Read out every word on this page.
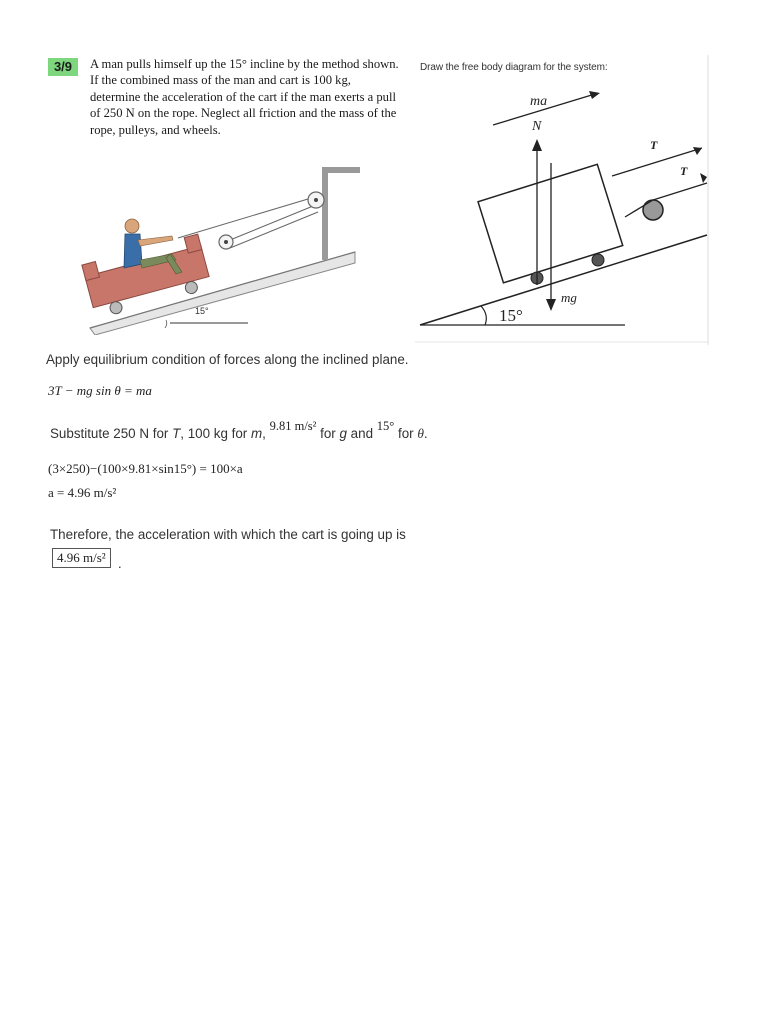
3/9	A man pulls himself up the 15° incline by the method shown. If the combined mass of the man and cart is 100 kg, determine the acceleration of the cart if the man exerts a pull of 250 N on the rope. Neglect all friction and the mass of the rope, pulleys, and wheels.
15°
Draw the free body diagram for the system:
15°
T
T
ma
N
mg
Apply equilibrium condition of forces along the inclined plane.
3T − mg sin θ = ma
Substitute 250 N for T, 100 kg for m, 9.81 m/s² for g and 15° for θ.
(3×250)−(100×9.81×sin15°) = 100×a
a = 4.96 m/s²
Therefore, the acceleration with which the cart is going up is
4.96 m/s² .
